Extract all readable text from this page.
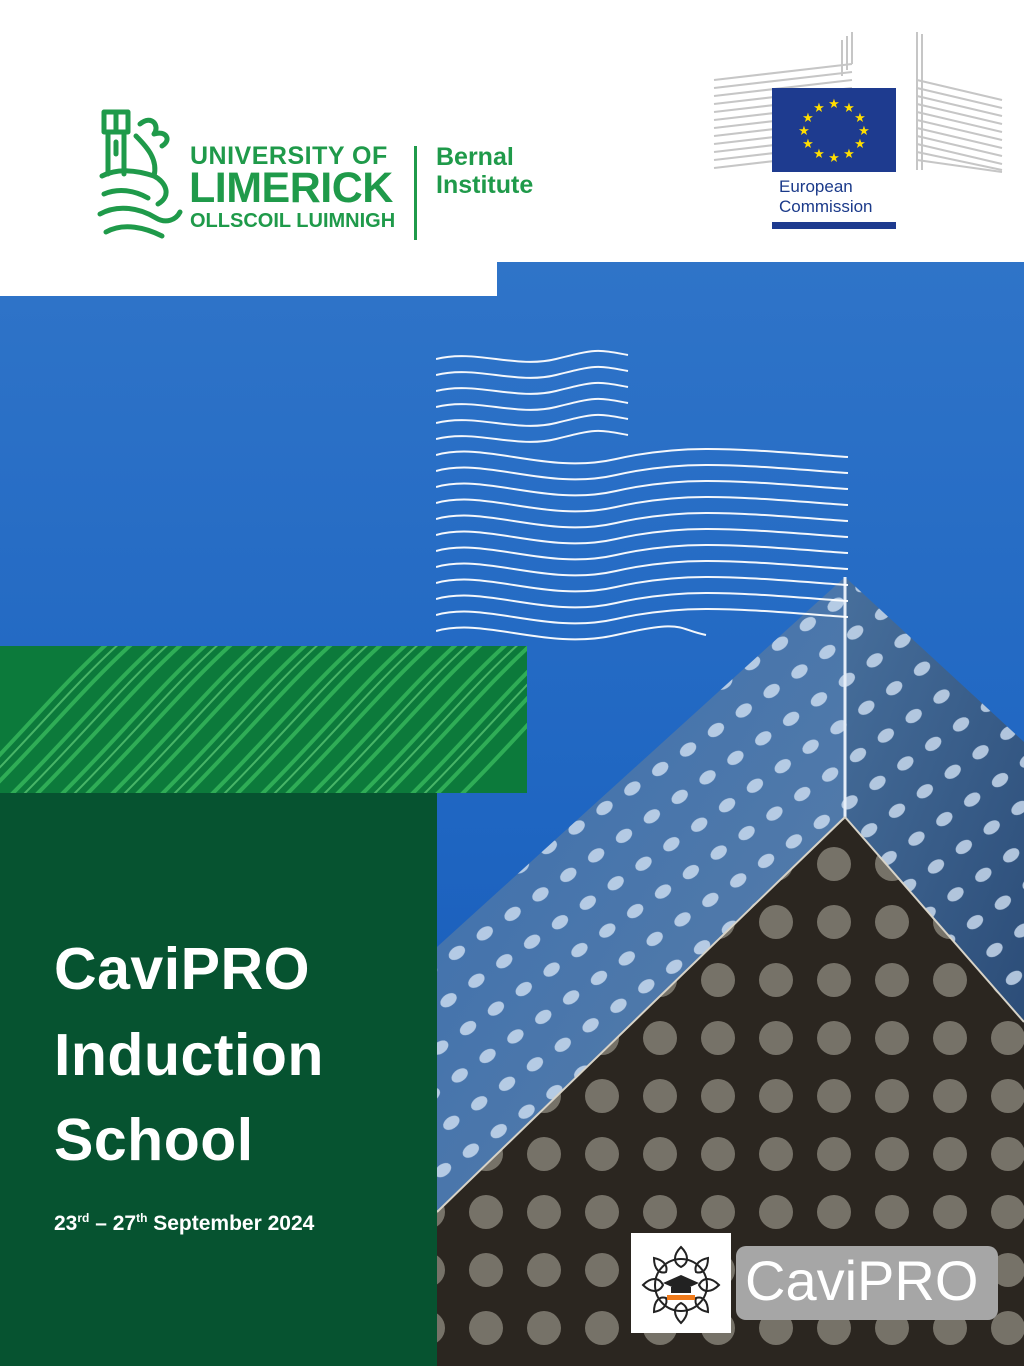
UNIVERSITY OF
LIMERICK
OLLSCOIL LUIMNIGH
Bernal
Institute
★ ★
★
★
★
★
★
★
★
★
★
★
European
Commission
CaviPRO
Induction
School
23rd – 27th September 2024
CaviPRO
